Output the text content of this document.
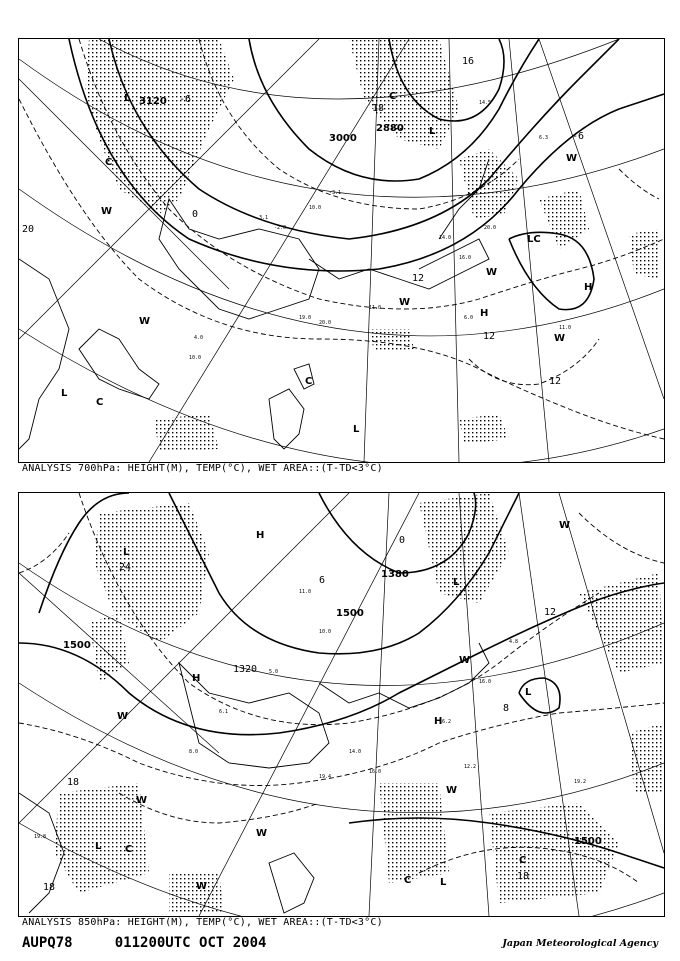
3.1
-2.0
10.0
-3.1
4.0
19.0
20.0
11.0
14.0
16.0
20.0
11.0
6.0
10.0
14.5
6.3
3120
3000
2880
20
0
12
12
12
16
18
-6
-6
L
L
L
L
C
C
C
C
LC
H
H
W
W
W
W
W
W
ANALYSIS 700hPa: HEIGHT(M), TEMP(°C), WET AREA::(T-TD<3°C)
11.0
10.0
5.0
6.1
14.0
16.0
19.4
16.2
16.0
4.8
12.2
19.2
19.8
8.0
1500
1500
1380
1500
1320
18
18
12
8
18
24
6
0
L
L
L
L
L
H
H
H
C
C
C
W
W
W
W
W
W
W
ANALYSIS 850hPa: HEIGHT(M), TEMP(°C), WET AREA::(T-TD<3°C)
AUPQ78	011200UTC OCT 2004	Japan Meteorological Agency
